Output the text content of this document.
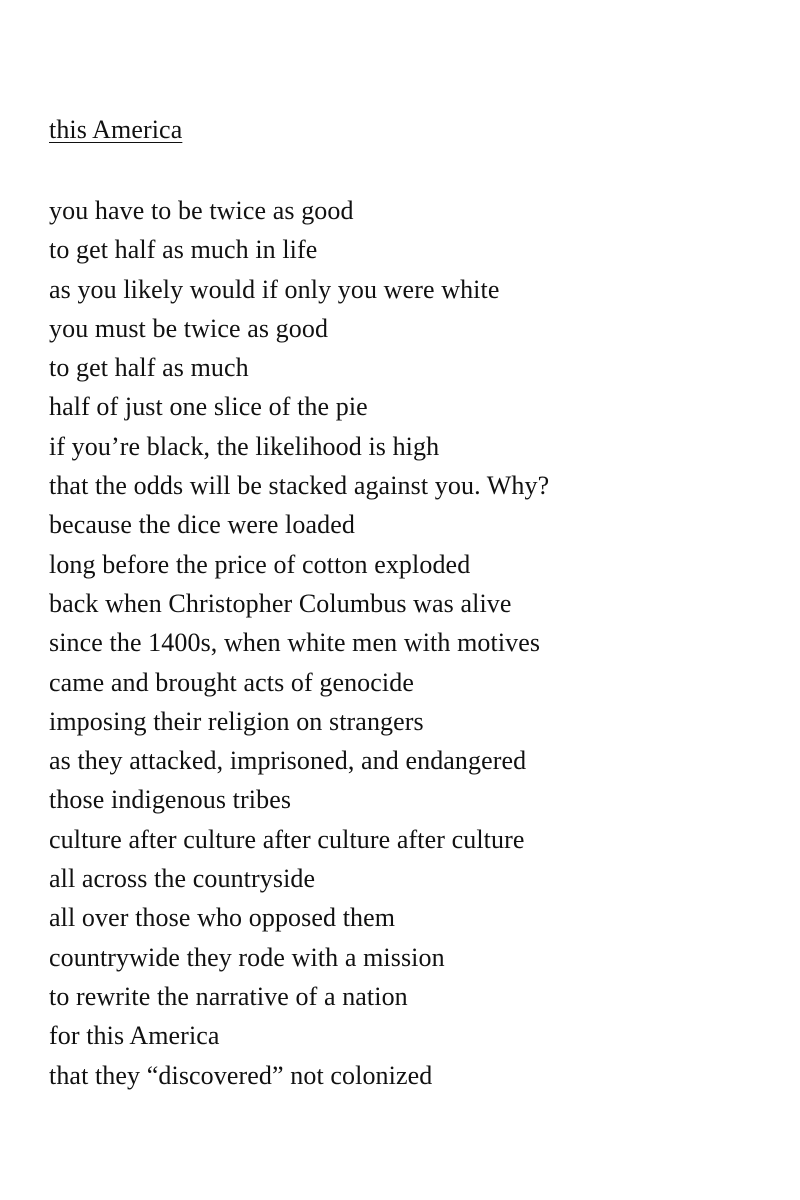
this America
you have to be twice as good
to get half as much in life
as you likely would if only you were white
you must be twice as good
to get half as much
half of just one slice of the pie
if you’re black, the likelihood is high
that the odds will be stacked against you. Why?
because the dice were loaded
long before the price of cotton exploded
back when Christopher Columbus was alive
since the 1400s, when white men with motives
came and brought acts of genocide
imposing their religion on strangers
as they attacked, imprisoned, and endangered
those indigenous tribes
culture after culture after culture after culture
all across the countryside
all over those who opposed them
countrywide they rode with a mission
to rewrite the narrative of a nation
for this America
that they “discovered” not colonized
